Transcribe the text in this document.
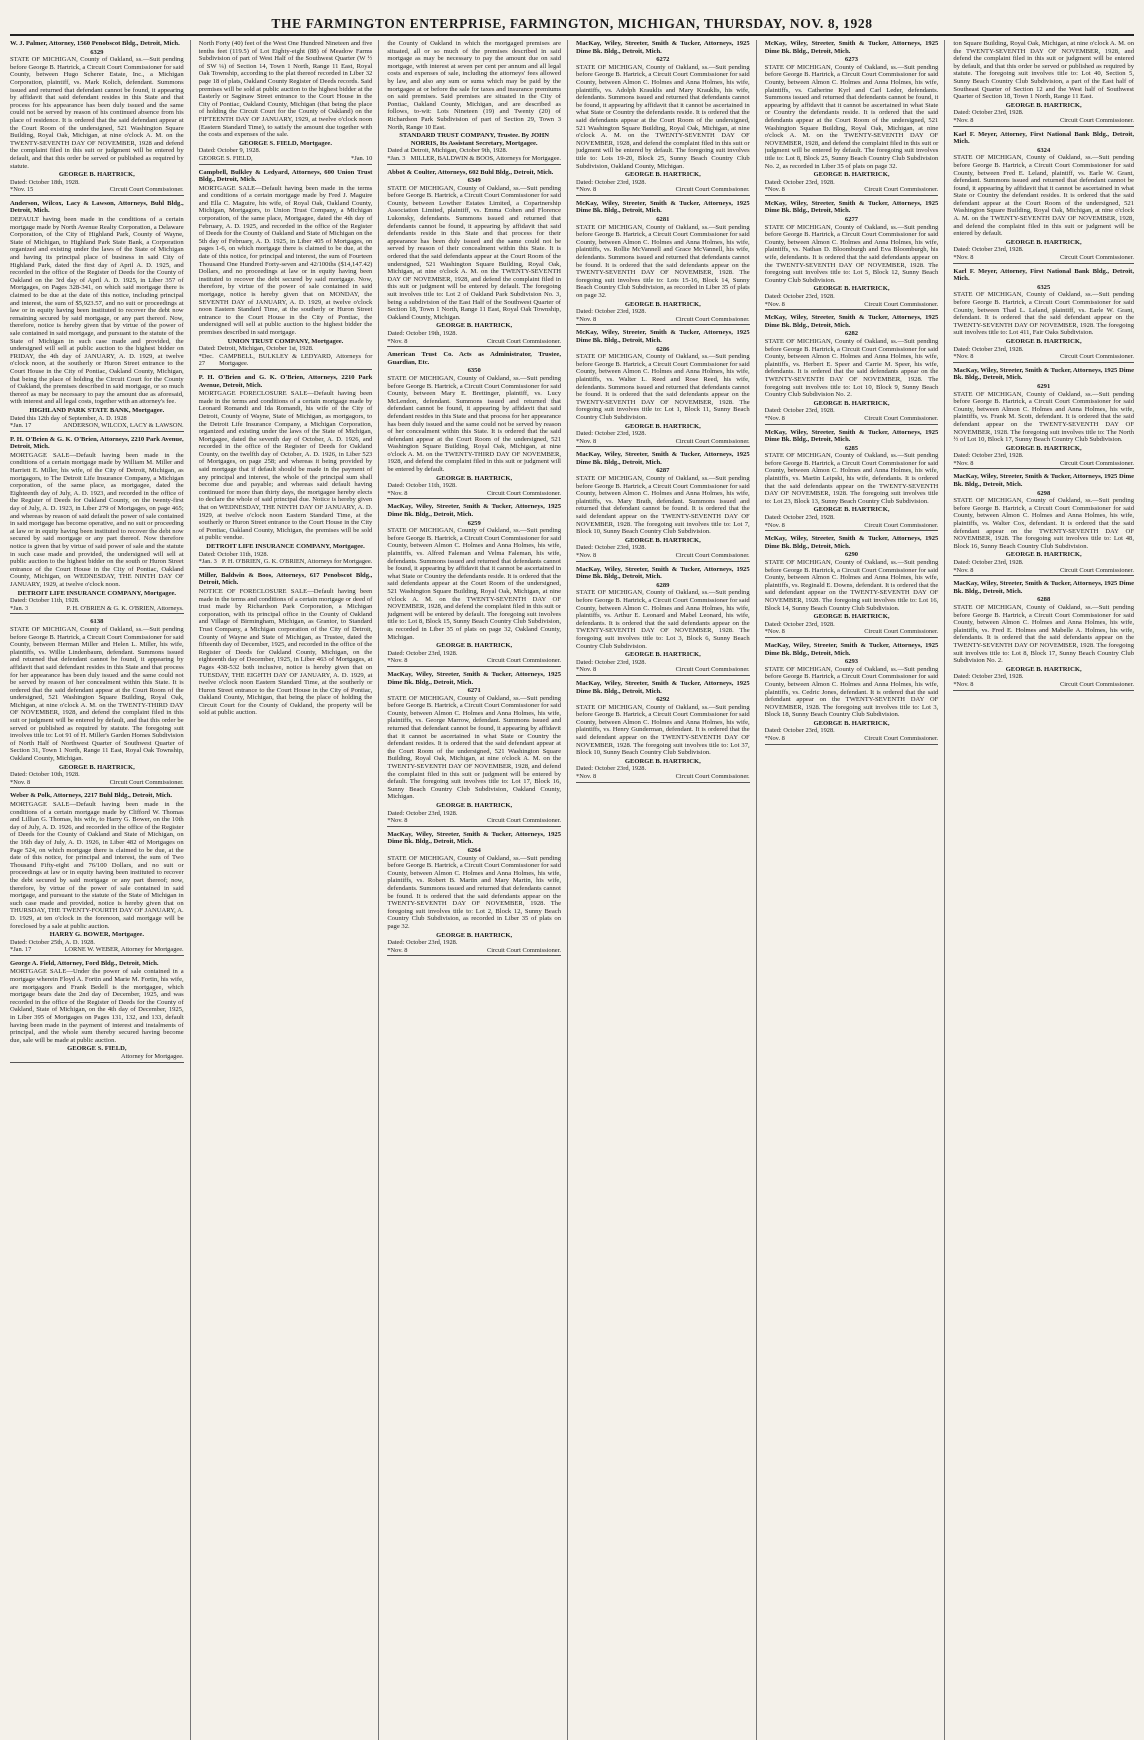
THE FARMINGTON ENTERPRISE, FARMINGTON, MICHIGAN, THURSDAY, NOV. 8, 1928
W. J. Palmer, Attorney, 1560 Penobscot Bldg., Detroit, Mich.
6329
STATE OF MICHIGAN, County of Oakland, ss.—Suit pending before George B. Hartrick, a Circuit Court Commissioner for said County, between Hugo Scherer Estate, Inc., a Michigan Corporation, plaintiff, vs. Mark Kolich, defendant. Summons issued and returned that defendant cannot be found, it appearing by affidavit that said defendant resides in this State and that process for his appearance has been duly issued and the same could not be served by reason of his continued absence from his place of residence. It is ordered that the said defendant appear at the Court Room of the undersigned, 521 Washington Square Building, Royal Oak, Michigan, at nine o'clock A. M. on the TWENTY-SEVENTH DAY OF NOVEMBER, 1928 and defend the complaint filed in this suit or judgment will be entered by default, and that this order be served or published as required by statute.
GEORGE B. HARTRICK,
Dated: October 18th, 1928.
*Nov. 15	Circuit Court Commissioner.
Anderson, Wilcox, Lacy & Lawson, Attorneys, Buhl Bldg., Detroit, Mich.
DEFAULT having been made in the conditions of a certain mortgage made by North Avenue Realty Corporation, a Delaware Corporation, of the City of Highland Park, County of Wayne, State of Michigan, to Highland Park State Bank, a Corporation organized and existing under the laws of the State of Michigan and having its principal place of business in said City of Highland Park, dated the first day of April A. D. 1925, and recorded in the office of the Register of Deeds for the County of Oakland on the 3rd day of April A. D. 1925, in Liber 357 of Mortgages, on Pages 328-341, on which said mortgage there is claimed to be due at the date of this notice, including principal and interest, the sum of $5,923.57, and no suit or proceedings at law or in equity having been instituted to recover the debt now remaining secured by said mortgage, or any part thereof. Now, therefore, notice is hereby given that by virtue of the power of sale contained in said mortgage, and pursuant to the statute of the State of Michigan in such case made and provided, the undersigned will sell at public auction to the highest bidder on FRIDAY, the 4th day of JANUARY, A. D. 1929, at twelve o'clock noon, at the southerly or Huron Street entrance to the Court House in the City of Pontiac, Oakland County, Michigan, that being the place of holding the Circuit Court for the County of Oakland, the premises described in said mortgage, or so much thereof as may be necessary to pay the amount due as aforesaid, with interest and all legal costs, together with an attorney's fee.
HIGHLAND PARK STATE BANK, Mortgagee.
Dated this 12th day of September, A. D. 1928
*Jan. 17	ANDERSON, WILCOX, LACY & LAWSON.
P. H. O'Brien & G. K. O'Brien, Attorneys, 2210 Park Avenue, Detroit, Mich.
MORTGAGE SALE—Default having been made in the conditions of a certain mortgage made by William M. Miller and Harriett E. Miller, his wife, of the City of Detroit, Michigan, as mortgagors, to The Detroit Life Insurance Company, a Michigan corporation, of the same place, as mortgagee, dated the Eighteenth day of July, A. D. 1923, and recorded in the office of the Register of Deeds for Oakland County, on the twenty-first day of July, A. D. 1923, in Liber 279 of Mortgages, on page 465; and whereas by reason of said default the power of sale contained in said mortgage has become operative, and no suit or proceeding at law or in equity having been instituted to recover the debt now secured by said mortgage or any part thereof. Now therefore notice is given that by virtue of said power of sale and the statute in such case made and provided, the undersigned will sell at public auction to the highest bidder on the south or Huron Street entrance of the Court House in the City of Pontiac, Oakland County, Michigan, on WEDNESDAY, THE NINTH DAY OF JANUARY, 1929, at twelve o'clock noon.
DETROIT LIFE INSURANCE COMPANY, Mortgagee.
Dated: October 11th, 1928.
*Jan. 3	P. H. O'BRIEN & G. K. O'BRIEN, Attorneys.
6138
STATE OF MICHIGAN, County of Oakland, ss.—Suit pending before George B. Hartrick, a Circuit Court Commissioner for said County, between Herman Miller and Helen L. Miller, his wife, plaintiffs, vs. Willie Lindenbaum, defendant. Summons issued and returned that defendant cannot be found, it appearing by affidavit that said defendant resides in this State and that process for her appearance has been duly issued and the same could not be served by reason of her concealment within this State. It is ordered that the said defendant appear at the Court Room of the undersigned, 521 Washington Square Building, Royal Oak, Michigan, at nine o'clock A. M. on the TWENTY-THIRD DAY OF NOVEMBER, 1928, and defend the complaint filed in this suit or judgment will be entered by default, and that this order be served or published as required by statute. The foregoing suit involves title to: Lot 91 of H. Miller's Garden Homes Subdivision of North Half of Northwest Quarter of Southwest Quarter of Section 31, Town 1 North, Range 11 East, Royal Oak Township, Oakland County, Michigan.
GEORGE B. HARTRICK,
Dated: October 10th, 1928.
*Nov. 8	Circuit Court Commissioner.
Weber & Polk, Attorneys, 2217 Buhl Bldg., Detroit, Mich.
MORTGAGE SALE—Default having been made in the conditions of a certain mortgage made by Clifford W. Thomas and Lillian G. Thomas, his wife, to Harry G. Bower, on the 10th day of July, A. D. 1926, and recorded in the office of the Register of Deeds for the County of Oakland and State of Michigan, on the 16th day of July, A. D. 1926, in Liber 482 of Mortgages on Page 524, on which mortgage there is claimed to be due, at the date of this notice, for principal and interest, the sum of Two Thousand Fifty-eight and 76/100 Dollars, and no suit or proceedings at law or in equity having been instituted to recover the debt secured by said mortgage or any part thereof; now, therefore, by virtue of the power of sale contained in said mortgage, and pursuant to the statute of the State of Michigan in such case made and provided, notice is hereby given that on THURSDAY, THE TWENTY-FOURTH DAY OF JANUARY, A. D. 1929, at ten o'clock in the forenoon, said mortgage will be foreclosed by a sale at public auction.
HARRY G. BOWER, Mortgagee.
Dated: October 25th, A. D. 1928.
*Jan. 17	LORNE W. WEBER, Attorney for Mortgagee.
George A. Field, Attorney, Ford Bldg., Detroit, Mich.
MORTGAGE SALE—Under the power of sale contained in a mortgage wherein Floyd A. Fortin and Marie M. Fortin, his wife, are mortgagors and Frank Bedell is the mortgagee, which mortgage bears date the 2nd day of December, 1925, and was recorded in the office of the Register of Deeds for the County of Oakland, State of Michigan, on the 4th day of December, 1925, in Liber 395 of Mortgages on Pages 131, 132, and 133, default having been made in the payment of interest and instalments of principal, and the whole sum thereby secured having become due, sale will be made at public auction.
GEORGE S. FIELD,
Attorney for Mortgagee.
North Forty (40) feet of the West One Hundred Nineteen and five tenths feet (119.5) of Lot Eighty-eight (88) of Meadow Farms Subdivision of part of West Half of the Southwest Quarter (W ½ of SW ¼) of Section 14, Town 1 North, Range 11 East, Royal Oak Township, according to the plat thereof recorded in Liber 32 page 18 of plats, Oakland County Register of Deeds records. Said premises will be sold at public auction to the highest bidder at the Easterly or Saginaw Street entrance to the Court House in the City of Pontiac, Oakland County, Michigan (that being the place of holding the Circuit Court for the County of Oakland) on the FIFTEENTH DAY OF JANUARY, 1929, at twelve o'clock noon (Eastern Standard Time), to satisfy the amount due together with the costs and expenses of the sale.
GEORGE S. FIELD, Mortgagee.
Dated: October 9, 1928.
GEORGE S. FIELD,	*Jan. 10
Campbell, Bulkley & Ledyard, Attorneys, 600 Union Trust Bldg., Detroit, Mich.
MORTGAGE SALE—Default having been made in the terms and conditions of a certain mortgage made by Fred J. Maguire and Ella C. Maguire, his wife, of Royal Oak, Oakland County, Michigan, Mortgagors, to Union Trust Company, a Michigan corporation, of the same place, Mortgagee, dated the 4th day of February, A. D. 1925, and recorded in the office of the Register of Deeds for the County of Oakland and State of Michigan on the 5th day of February, A. D. 1925, in Liber 405 of Mortgages, on pages 1-6, on which mortgage there is claimed to be due, at the date of this notice, for principal and interest, the sum of Fourteen Thousand One Hundred Forty-seven and 42/100ths ($14,147.42) Dollars, and no proceedings at law or in equity having been instituted to recover the debt secured by said mortgage. Now, therefore, by virtue of the power of sale contained in said mortgage, notice is hereby given that on MONDAY, the SEVENTH DAY of JANUARY, A. D. 1929, at twelve o'clock noon Eastern Standard Time, at the southerly or Huron Street entrance to the Court House in the City of Pontiac, the undersigned will sell at public auction to the highest bidder the premises described in said mortgage.
UNION TRUST COMPANY, Mortgagee.
Dated: Detroit, Michigan, October 1st, 1928.
*Dec. 27
CAMPBELL, BULKLEY & LEDYARD, Attorneys for Mortgagee.
P. H. O'Brien and G. K. O'Brien, Attorneys, 2210 Park Avenue, Detroit, Mich.
MORTGAGE FORECLOSURE SALE—Default having been made in the terms and conditions of a certain mortgage made by Leonard Romandi and Ida Romandi, his wife of the City of Detroit, County of Wayne, State of Michigan, as mortgagors, to the Detroit Life Insurance Company, a Michigan Corporation, organized and existing under the laws of the State of Michigan, Mortgagee, dated the seventh day of October, A. D. 1926, and recorded in the office of the Register of Deeds for Oakland County, on the twelfth day of October, A. D. 1926, in Liber 523 of Mortgages, on page 258; and whereas it being provided by said mortgage that if default should be made in the payment of any principal and interest, the whole of the principal sum shall become due and payable; and whereas said default having continued for more than thirty days, the mortgagee hereby elects to declare the whole of said principal due. Notice is hereby given that on WEDNESDAY, THE NINTH DAY OF JANUARY, A. D. 1929, at twelve o'clock noon Eastern Standard Time, at the southerly or Huron Street entrance to the Court House in the City of Pontiac, Oakland County, Michigan, the premises will be sold at public vendue.
DETROIT LIFE INSURANCE COMPANY, Mortgagee.
Dated: October 11th, 1928.
*Jan. 3 P. H. O'BRIEN, G. K. O'BRIEN, Attorneys for Mortgagee.
Miller, Baldwin & Boos, Attorneys, 617 Penobscot Bldg., Detroit, Mich.
NOTICE OF FORECLOSURE SALE—Default having been made in the terms and conditions of a certain mortgage or deed of trust made by Richardson Park Corporation, a Michigan corporation, with its principal office in the County of Oakland and Village of Birmingham, Michigan, as Grantor, to Standard Trust Company, a Michigan corporation of the City of Detroit, County of Wayne and State of Michigan, as Trustee, dated the fifteenth day of December, 1925, and recorded in the office of the Register of Deeds for Oakland County, Michigan, on the eighteenth day of December, 1925, in Liber 463 of Mortgages, at Pages 438-532 both inclusive, notice is hereby given that on TUESDAY, THE EIGHTH DAY OF JANUARY, A. D. 1929, at twelve o'clock noon Eastern Standard Time, at the southerly or Huron Street entrance to the Court House in the City of Pontiac, Oakland County, Michigan, that being the place of holding the Circuit Court for the County of Oakland, the property will be sold at public auction.
the County of Oakland in which the mortgaged premises are situated, all or so much of the premises described in said mortgage as may be necessary to pay the amount due on said mortgage, with interest at seven per cent per annum and all legal costs and expenses of sale, including the attorneys' fees allowed by law, and also any sum or sums which may be paid by the mortgagee at or before the sale for taxes and insurance premiums on said premises. Said premises are situated in the City of Pontiac, Oakland County, Michigan, and are described as follows, to-wit: Lots Nineteen (19) and Twenty (20) of Richardson Park Subdivision of part of Section 29, Town 3 North, Range 10 East.
STANDARD TRUST COMPANY, Trustee. By JOHN NORRIS, Its Assistant Secretary, Mortgagee.
Dated at Detroit, Michigan, October 9th, 1928.
*Jan. 3 MILLER, BALDWIN & BOOS, Attorneys for Mortgagee.
Abbot & Coulter, Attorneys, 602 Buhl Bldg., Detroit, Mich.
6349
STATE OF MICHIGAN, County of Oakland, ss.—Suit pending before George B. Hartrick, a Circuit Court Commissioner for said County, between Lowther Estates Limited, a Copartnership Association Limited, plaintiff, vs. Emma Cohen and Florence Lukonsky, defendants. Summons issued and returned that defendants cannot be found, it appearing by affidavit that said defendants reside in this State and that process for their appearance has been duly issued and the same could not be served by reason of their concealment within this State. It is ordered that the said defendants appear at the Court Room of the undersigned, 521 Washington Square Building, Royal Oak, Michigan, at nine o'clock A. M. on the TWENTY-SEVENTH DAY OF NOVEMBER, 1928, and defend the complaint filed in this suit or judgment will be entered by default. The foregoing suit involves title to: Lot 2 of Oakland Park Subdivision No. 3, being a subdivision of the East Half of the Southwest Quarter of Section 18, Town 1 North, Range 11 East, Royal Oak Township, Oakland County, Michigan.
GEORGE B. HARTRICK,
Dated: October 19th, 1928.
*Nov. 8	Circuit Court Commissioner.
American Trust Co. Acts as Administrator, Trustee, Guardian, Etc.
6350
STATE OF MICHIGAN, County of Oakland, ss.—Suit pending before George B. Hartrick, a Circuit Court Commissioner for said County, between Mary E. Brettinger, plaintiff, vs. Lucy McLendon, defendant. Summons issued and returned that defendant cannot be found, it appearing by affidavit that said defendant resides in this State and that process for her appearance has been duly issued and the same could not be served by reason of her concealment within this State. It is ordered that the said defendant appear at the Court Room of the undersigned, 521 Washington Square Building, Royal Oak, Michigan, at nine o'clock A. M. on the TWENTY-THIRD DAY OF NOVEMBER, 1928, and defend the complaint filed in this suit or judgment will be entered by default.
GEORGE B. HARTRICK,
Dated: October 11th, 1928.
*Nov. 8	Circuit Court Commissioner.
MacKay, Wiley, Streeter, Smith & Tucker, Attorneys, 1925 Dime Bk. Bldg., Detroit, Mich.
6259
STATE OF MICHIGAN, County of Oakland, ss.—Suit pending before George B. Hartrick, a Circuit Court Commissioner for said County, between Almon C. Holmes and Anna Holmes, his wife, plaintiffs, vs. Alfred Faleman and Velma Faleman, his wife, defendants. Summons issued and returned that defendants cannot be found, it appearing by affidavit that it cannot be ascertained in what State or Country the defendants reside. It is ordered that the said defendants appear at the Court Room of the undersigned, 521 Washington Square Building, Royal Oak, Michigan, at nine o'clock A. M. on the TWENTY-SEVENTH DAY OF NOVEMBER, 1928, and defend the complaint filed in this suit or judgment will be entered by default. The foregoing suit involves title to: Lot 8, Block 15, Sunny Beach Country Club Subdivision, as recorded in Liber 35 of plats on page 32, Oakland County, Michigan.
GEORGE B. HARTRICK,
Dated: October 23rd, 1928.
*Nov. 8	Circuit Court Commissioner.
MacKay, Wiley, Streeter, Smith & Tucker, Attorneys, 1925 Dime Bk. Bldg., Detroit, Mich.
6271
STATE OF MICHIGAN, County of Oakland, ss.—Suit pending before George B. Hartrick, a Circuit Court Commissioner for said County, between Almon C. Holmes and Anna Holmes, his wife, plaintiffs, vs. George Marrow, defendant. Summons issued and returned that defendant cannot be found, it appearing by affidavit that it cannot be ascertained in what State or Country the defendant resides. It is ordered that the said defendant appear at the Court Room of the undersigned, 521 Washington Square Building, Royal Oak, Michigan, at nine o'clock A. M. on the TWENTY-SEVENTH DAY OF NOVEMBER, 1928, and defend the complaint filed in this suit or judgment will be entered by default. The foregoing suit involves title to: Lot 17, Block 16, Sunny Beach Country Club Subdivision, Oakland County, Michigan.
GEORGE B. HARTRICK,
Dated: October 23rd, 1928.
*Nov. 8	Circuit Court Commissioner.
MacKay, Wiley, Streeter, Smith & Tucker, Attorneys, 1925 Dime Bk. Bldg., Detroit, Mich.
6264
STATE OF MICHIGAN, County of Oakland, ss.—Suit pending before George B. Hartrick, a Circuit Court Commissioner for said County, between Almon C. Holmes and Anna Holmes, his wife, plaintiffs, vs. Robert B. Martin and Mary Martin, his wife, defendants. Summons issued and returned that defendants cannot be found. It is ordered that the said defendants appear on the TWENTY-SEVENTH DAY OF NOVEMBER, 1928. The foregoing suit involves title to: Lot 2, Block 12, Sunny Beach Country Club Subdivision, as recorded in Liber 35 of plats on page 32.
GEORGE B. HARTRICK,
Dated: October 23rd, 1928.
*Nov. 8	Circuit Court Commissioner.
MacKay, Wiley, Streeter, Smith & Tucker, Attorneys, 1925 Dime Bk. Bldg., Detroit, Mich.
6272
STATE OF MICHIGAN, County of Oakland, ss.—Suit pending before George B. Hartrick, a Circuit Court Commissioner for said County, between Almon C. Holmes and Anna Holmes, his wife, plaintiffs, vs. Adolph Krauklis and Mary Krauklis, his wife, defendants. Summons issued and returned that defendants cannot be found, it appearing by affidavit that it cannot be ascertained in what State or Country the defendants reside. It is ordered that the said defendants appear at the Court Room of the undersigned, 521 Washington Square Building, Royal Oak, Michigan, at nine o'clock A. M. on the TWENTY-SEVENTH DAY OF NOVEMBER, 1928, and defend the complaint filed in this suit or judgment will be entered by default. The foregoing suit involves title to: Lots 19-20, Block 25, Sunny Beach Country Club Subdivision, Oakland County, Michigan.
GEORGE B. HARTRICK,
Dated: October 23rd, 1928.
*Nov. 8	Circuit Court Commissioner.
McKay, Wiley, Streeter, Smith & Tucker, Attorneys, 1925 Dime Bk. Bldg., Detroit, Mich.
6281
STATE OF MICHIGAN, County of Oakland, ss.—Suit pending before George B. Hartrick, a Circuit Court Commissioner for said County, between Almon C. Holmes and Anna Holmes, his wife, plaintiffs, vs. Rollie McVannell and Grace McVannell, his wife, defendants. Summons issued and returned that defendants cannot be found. It is ordered that the said defendants appear on the TWENTY-SEVENTH DAY OF NOVEMBER, 1928. The foregoing suit involves title to: Lots 15-16, Block 14, Sunny Beach Country Club Subdivision, as recorded in Liber 35 of plats on page 32.
GEORGE B. HARTRICK,
Dated: October 23rd, 1928.
*Nov. 8	Circuit Court Commissioner.
McKay, Wiley, Streeter, Smith & Tucker, Attorneys, 1925 Dime Bk. Bldg., Detroit, Mich.
6286
STATE OF MICHIGAN, County of Oakland, ss.—Suit pending before George B. Hartrick, a Circuit Court Commissioner for said County, between Almon C. Holmes and Anna Holmes, his wife, plaintiffs, vs. Walter L. Reed and Rose Reed, his wife, defendants. Summons issued and returned that defendants cannot be found. It is ordered that the said defendants appear on the TWENTY-SEVENTH DAY OF NOVEMBER, 1928. The foregoing suit involves title to: Lot 1, Block 11, Sunny Beach Country Club Subdivision.
GEORGE B. HARTRICK,
Dated: October 23rd, 1928.
*Nov. 8	Circuit Court Commissioner.
MacKay, Wiley, Streeter, Smith & Tucker, Attorneys, 1925 Dime Bk. Bldg., Detroit, Mich.
6287
STATE OF MICHIGAN, County of Oakland, ss.—Suit pending before George B. Hartrick, a Circuit Court Commissioner for said County, between Almon C. Holmes and Anna Holmes, his wife, plaintiffs, vs. Mary Brath, defendant. Summons issued and returned that defendant cannot be found. It is ordered that the said defendant appear on the TWENTY-SEVENTH DAY OF NOVEMBER, 1928. The foregoing suit involves title to: Lot 7, Block 10, Sunny Beach Country Club Subdivision.
GEORGE B. HARTRICK,
Dated: October 23rd, 1928.
*Nov. 8	Circuit Court Commissioner.
MacKay, Wiley, Streeter, Smith & Tucker, Attorneys, 1925 Dime Bk. Bldg., Detroit, Mich.
6289
STATE OF MICHIGAN, County of Oakland, ss.—Suit pending before George B. Hartrick, a Circuit Court Commissioner for said County, between Almon C. Holmes and Anna Holmes, his wife, plaintiffs, vs. Arthur E. Leonard and Mabel Leonard, his wife, defendants. It is ordered that the said defendants appear on the TWENTY-SEVENTH DAY OF NOVEMBER, 1928. The foregoing suit involves title to: Lot 3, Block 6, Sunny Beach Country Club Subdivision.
GEORGE B. HARTRICK,
Dated: October 23rd, 1928.
*Nov. 8	Circuit Court Commissioner.
MacKay, Wiley, Streeter, Smith & Tucker, Attorneys, 1925 Dime Bk. Bldg., Detroit, Mich.
6292
STATE OF MICHIGAN, County of Oakland, ss.—Suit pending before George B. Hartrick, a Circuit Court Commissioner for said County, between Almon C. Holmes and Anna Holmes, his wife, plaintiffs, vs. Henry Gunderman, defendant. It is ordered that the said defendant appear on the TWENTY-SEVENTH DAY OF NOVEMBER, 1928. The foregoing suit involves title to: Lot 37, Block 10, Sunny Beach Country Club Subdivision.
GEORGE B. HARTRICK,
Dated: October 23rd, 1928.
*Nov. 8	Circuit Court Commissioner.
McKay, Wiley, Streeter, Smith & Tucker, Attorneys, 1925 Dime Bk. Bldg., Detroit, Mich.
6273
STATE OF MICHIGAN, County of Oakland, ss.—Suit pending before George B. Hartrick, a Circuit Court Commissioner for said County, between Almon C. Holmes and Anna Holmes, his wife, plaintiffs, vs. Catherine Kyrl and Carl Leder, defendants. Summons issued and returned that defendants cannot be found, it appearing by affidavit that it cannot be ascertained in what State or Country the defendants reside. It is ordered that the said defendants appear at the Court Room of the undersigned, 521 Washington Square Building, Royal Oak, Michigan, at nine o'clock A. M. on the TWENTY-SEVENTH DAY OF NOVEMBER, 1928, and defend the complaint filed in this suit or judgment will be entered by default. The foregoing suit involves title to: Lot 8, Block 25, Sunny Beach Country Club Subdivision No. 2, as recorded in Liber 35 of plats on page 32.
GEORGE B. HARTRICK,
Dated: October 23rd, 1928.
*Nov. 8	Circuit Court Commissioner.
McKay, Wiley, Streeter, Smith & Tucker, Attorneys, 1925 Dime Bk. Bldg., Detroit, Mich.
6277
STATE OF MICHIGAN, County of Oakland, ss.—Suit pending before George B. Hartrick, a Circuit Court Commissioner for said County, between Almon C. Holmes and Anna Holmes, his wife, plaintiffs, vs. Nathan D. Bloomburgh and Eva Bloomburgh, his wife, defendants. It is ordered that the said defendants appear on the TWENTY-SEVENTH DAY OF NOVEMBER, 1928. The foregoing suit involves title to: Lot 5, Block 12, Sunny Beach Country Club Subdivision.
GEORGE B. HARTRICK,
Dated: October 23rd, 1928.
*Nov. 8	Circuit Court Commissioner.
McKay, Wiley, Streeter, Smith & Tucker, Attorneys, 1925 Dime Bk. Bldg., Detroit, Mich.
6282
STATE OF MICHIGAN, County of Oakland, ss.—Suit pending before George B. Hartrick, a Circuit Court Commissioner for said County, between Almon C. Holmes and Anna Holmes, his wife, plaintiffs, vs. Herbert E. Speer and Carrie M. Speer, his wife, defendants. It is ordered that the said defendants appear on the TWENTY-SEVENTH DAY OF NOVEMBER, 1928. The foregoing suit involves title to: Lot 10, Block 9, Sunny Beach Country Club Subdivision No. 2.
GEORGE B. HARTRICK,
Dated: October 23rd, 1928.
*Nov. 8	Circuit Court Commissioner.
McKay, Wiley, Streeter, Smith & Tucker, Attorneys, 1925 Dime Bk. Bldg., Detroit, Mich.
6285
STATE OF MICHIGAN, County of Oakland, ss.—Suit pending before George B. Hartrick, a Circuit Court Commissioner for said County, between Almon C. Holmes and Anna Holmes, his wife, plaintiffs, vs. Martin Leipski, his wife, defendants. It is ordered that the said defendants appear on the TWENTY-SEVENTH DAY OF NOVEMBER, 1928. The foregoing suit involves title to: Lot 23, Block 13, Sunny Beach Country Club Subdivision.
GEORGE B. HARTRICK,
Dated: October 23rd, 1928.
*Nov. 8	Circuit Court Commissioner.
McKay, Wiley, Streeter, Smith & Tucker, Attorneys, 1925 Dime Bk. Bldg., Detroit, Mich.
6290
STATE OF MICHIGAN, County of Oakland, ss.—Suit pending before George B. Hartrick, a Circuit Court Commissioner for said County, between Almon C. Holmes and Anna Holmes, his wife, plaintiffs, vs. Reginald E. Downs, defendant. It is ordered that the said defendant appear on the TWENTY-SEVENTH DAY OF NOVEMBER, 1928. The foregoing suit involves title to: Lot 16, Block 14, Sunny Beach Country Club Subdivision.
GEORGE B. HARTRICK,
Dated: October 23rd, 1928.
*Nov. 8	Circuit Court Commissioner.
MacKay, Wiley, Streeter, Smith & Tucker, Attorneys, 1925 Dime Bk. Bldg., Detroit, Mich.
6293
STATE OF MICHIGAN, County of Oakland, ss.—Suit pending before George B. Hartrick, a Circuit Court Commissioner for said County, between Almon C. Holmes and Anna Holmes, his wife, plaintiffs, vs. Cedric Jones, defendant. It is ordered that the said defendant appear on the TWENTY-SEVENTH DAY OF NOVEMBER, 1928. The foregoing suit involves title to: Lot 3, Block 18, Sunny Beach Country Club Subdivision.
GEORGE B. HARTRICK,
Dated: October 23rd, 1928.
*Nov. 8	Circuit Court Commissioner.
ton Square Building, Royal Oak, Michigan, at nine o'clock A. M. on the TWENTY-SEVENTH DAY OF NOVEMBER, 1928, and defend the complaint filed in this suit or judgment will be entered by default, and that this order be served or published as required by statute. The foregoing suit involves title to: Lot 40, Section 5, Sunny Beach Country Club Subdivision, a part of the East half of Southeast Quarter of Section 12 and the West half of Southwest Quarter of Section 18, Town 1 North, Range 11 East.
GEORGE B. HARTRICK,
Dated: October 23rd, 1928.
*Nov. 8	Circuit Court Commissioner.
Karl F. Meyer, Attorney, First National Bank Bldg., Detroit, Mich.
6324
STATE OF MICHIGAN, County of Oakland, ss.—Suit pending before George B. Hartrick, a Circuit Court Commissioner for said County, between Fred E. Leland, plaintiff, vs. Earle W. Grant, defendant. Summons issued and returned that defendant cannot be found, it appearing by affidavit that it cannot be ascertained in what State or Country the defendant resides. It is ordered that the said defendant appear at the Court Room of the undersigned, 521 Washington Square Building, Royal Oak, Michigan, at nine o'clock A. M. on the TWENTY-SEVENTH DAY OF NOVEMBER, 1928, and defend the complaint filed in this suit or judgment will be entered by default.
GEORGE B. HARTRICK,
Dated: October 23rd, 1928.
*Nov. 8	Circuit Court Commissioner.
Karl F. Meyer, Attorney, First National Bank Bldg., Detroit, Mich.
6325
STATE OF MICHIGAN, County of Oakland, ss.—Suit pending before George B. Hartrick, a Circuit Court Commissioner for said County, between Thad L. Leland, plaintiff, vs. Earle W. Grant, defendant. It is ordered that the said defendant appear on the TWENTY-SEVENTH DAY OF NOVEMBER, 1928. The foregoing suit involves title to: Lot 411, Fair Oaks Subdivision.
GEORGE B. HARTRICK,
Dated: October 23rd, 1928.
*Nov. 8	Circuit Court Commissioner.
MacKay, Wiley, Streeter, Smith & Tucker, Attorneys, 1925 Dime Bk. Bldg., Detroit, Mich.
6291
STATE OF MICHIGAN, County of Oakland, ss.—Suit pending before George B. Hartrick, a Circuit Court Commissioner for said County, between Almon C. Holmes and Anna Holmes, his wife, plaintiffs, vs. Frank M. Scott, defendant. It is ordered that the said defendant appear on the TWENTY-SEVENTH DAY OF NOVEMBER, 1928. The foregoing suit involves title to: The North ½ of Lot 10, Block 17, Sunny Beach Country Club Subdivision.
GEORGE B. HARTRICK,
Dated: October 23rd, 1928.
*Nov. 8	Circuit Court Commissioner.
MacKay, Wiley, Streeter, Smith & Tucker, Attorneys, 1925 Dime Bk. Bldg., Detroit, Mich.
6298
STATE OF MICHIGAN, County of Oakland, ss.—Suit pending before George B. Hartrick, a Circuit Court Commissioner for said County, between Almon C. Holmes and Anna Holmes, his wife, plaintiffs, vs. Walter Cox, defendant. It is ordered that the said defendant appear on the TWENTY-SEVENTH DAY OF NOVEMBER, 1928. The foregoing suit involves title to: Lot 48, Block 16, Sunny Beach Country Club Subdivision.
GEORGE B. HARTRICK,
Dated: October 23rd, 1928.
*Nov. 8	Circuit Court Commissioner.
MacKay, Wiley, Streeter, Smith & Tucker, Attorneys, 1925 Dime Bk. Bldg., Detroit, Mich.
6288
STATE OF MICHIGAN, County of Oakland, ss.—Suit pending before George B. Hartrick, a Circuit Court Commissioner for said County, between Almon C. Holmes and Anna Holmes, his wife, plaintiffs, vs. Fred E. Holmes and Mabelle A. Holmes, his wife, defendants. It is ordered that the said defendants appear on the TWENTY-SEVENTH DAY OF NOVEMBER, 1928. The foregoing suit involves title to: Lot 8, Block 17, Sunny Beach Country Club Subdivision No. 2.
GEORGE B. HARTRICK,
Dated: October 23rd, 1928.
*Nov. 8	Circuit Court Commissioner.
